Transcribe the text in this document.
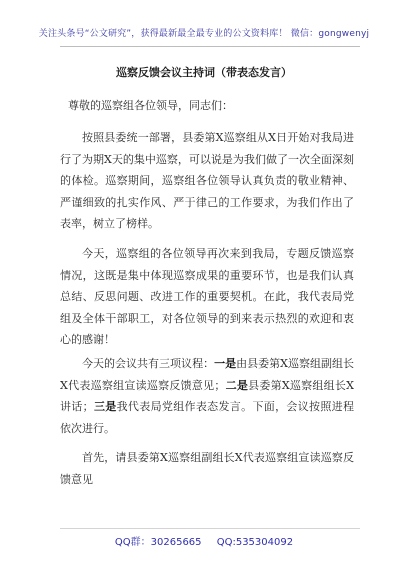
关注头条号“公文研究”，获得最新最全最专业的公文资料库！ 微信：gongwenyj
巡察反馈会议主持词（带表态发言）
尊敬的巡察组各位领导，同志们：

按照县委统一部署，县委第X巡察组从X日开始对我局进行了为期X天的集中巡察，可以说是为我们做了一次全面深刻的体检。巡察期间，巡察组各位领导认真负责的敬业精神、严谨细致的扎实作风、严于律己的工作要求，为我们作出了表率，树立了榜样。

今天，巡察组的各位领导再次来到我局，专题反馈巡察情况，这既是集中体现巡察成果的重要环节，也是我们认真总结、反思问题、改进工作的重要契机。在此，我代表局党组及全体干部职工，对各位领导的到来表示热烈的欢迎和衷心的感谢！

今天的会议共有三项议程：一是由县委第X巡察组副组长X代表巡察组宣读巡察反馈意见；二是县委第X巡察组组长X讲话；三是我代表局党组作表态发言。下面，会议按照进程依次进行。

首先，请县委第X巡察组副组长X代表巡察组宣读巡察反馈意见

QQ群：30265665 QQ:535304092
